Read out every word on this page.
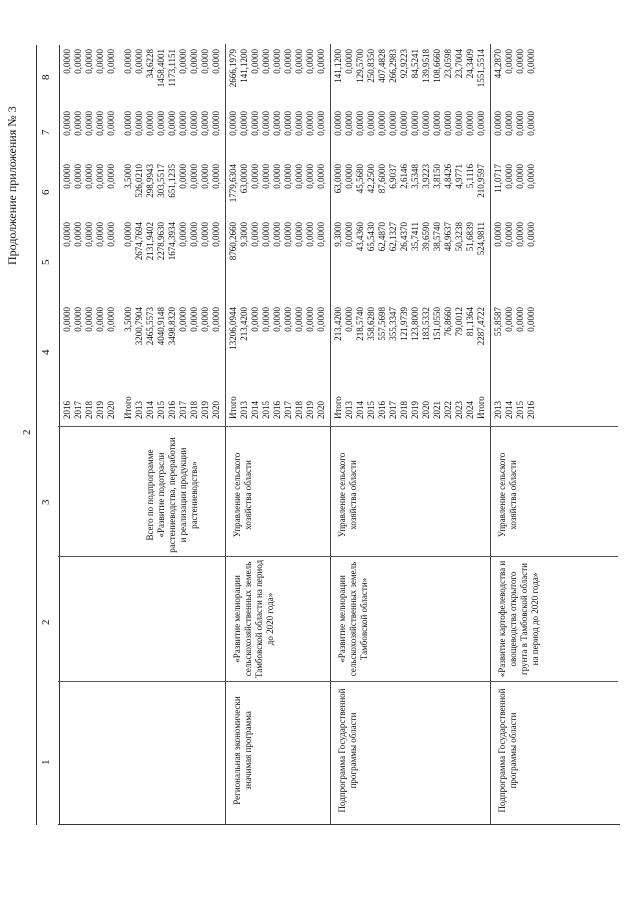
Продолжение приложения № 3
1
2
3
4
5
6
7
8
2
2016
0,0000
0,0000
0,0000
0,0000
0,0000
2017
0,0000
0,0000
0,0000
0,0000
0,0000
2018
0,0000
0,0000
0,0000
0,0000
0,0000
2019
0,0000
0,0000
0,0000
0,0000
0,0000
2020
0,0000
0,0000
0,0000
0,0000
0,0000
Всего по подпрограмме «Развитие подотрасли растениеводства, переработки и реализации продукции растениеводства»
Итого
3,5000
0,0000
3,5000
0,0000
0,0000
2013
3200,7904
2674,7694
526,0210
0,0000
0,0000
2014
2465,5573
2131,9402
298,9943
0,0000
34,6228
2015
4040,9148
2278,9630
303,5517
0,0000
1458,4001
2016
3498,8320
1674,3934
651,1235
0,0000
1173,1151
2017
0,0000
0,0000
0,0000
0,0000
0,0000
2018
0,0000
0,0000
0,0000
0,0000
0,0000
2019
0,0000
0,0000
0,0000
0,0000
0,0000
2020
0,0000
0,0000
0,0000
0,0000
0,0000
Региональная экономически значимая программа
«Развитие мелиорации сельскохозяйственных земель Тамбовской области на период до 2020 года»
Управление сельского хозяйства области
Итого
13206,0944
8760,2660
1779,6304
0,0000
2666,1979
2013
213,4200
9,3000
63,0000
0,0000
141,1200
2014
0,0000
0,0000
0,0000
0,0000
0,0000
2015
0,0000
0,0000
0,0000
0,0000
0,0000
2016
0,0000
0,0000
0,0000
0,0000
0,0000
2017
0,0000
0,0000
0,0000
0,0000
0,0000
2018
0,0000
0,0000
0,0000
0,0000
0,0000
2019
0,0000
0,0000
0,0000
0,0000
0,0000
2020
0,0000
0,0000
0,0000
0,0000
0,0000
Подпрограмма Государственной программы области
«Развитие мелиорации сельскохозяйственных земель Тамбовской области»
Управление сельского хозяйства области
Итого
213,4200
9,3000
63,0000
0,0000
141,1200
2013
0,0000
0,0000
0,0000
0,0000
0,0000
2014
218,5740
43,4360
45,5680
0,0000
129,5700
2015
358,6280
65,5430
42,2500
0,0000
250,8350
2016
557,5698
62,4870
87,6000
0,0000
407,4828
2017
355,3347
62,1327
6,9037
0,0000
266,2983
2018
121,9739
26,4370
2,6146
0,0000
92,9223
2019
123,8000
35,7411
3,5348
0,0000
84,5241
2020
183,5332
39,6590
3,9223
0,0000
139,9518
2021
151,0550
38,5740
3,8150
0,0000
108,6660
2022
76,8660
48,9637
4,8426
0,0000
23,0598
2023
79,0012
50,3238
4,9771
0,0000
23,7004
2024
81,1364
51,6839
5,1116
0,0000
24,3409
Итого
2287,4722
524,9811
210,9597
0,0000
1551,5514
Подпрограмма Государственной программы области
«Развитие картофелеводства и овощеводства открытого грунта в Тамбовской области на период до 2020 года»
Управление сельского хозяйства области
2013
55,8587
0,0000
11,0717
0,0000
44,2870
2014
0,0000
0,0000
0,0000
0,0000
0,0000
2015
0,0000
0,0000
0,0000
0,0000
0,0000
2016
0,0000
0,0000
0,0000
0,0000
0,0000
